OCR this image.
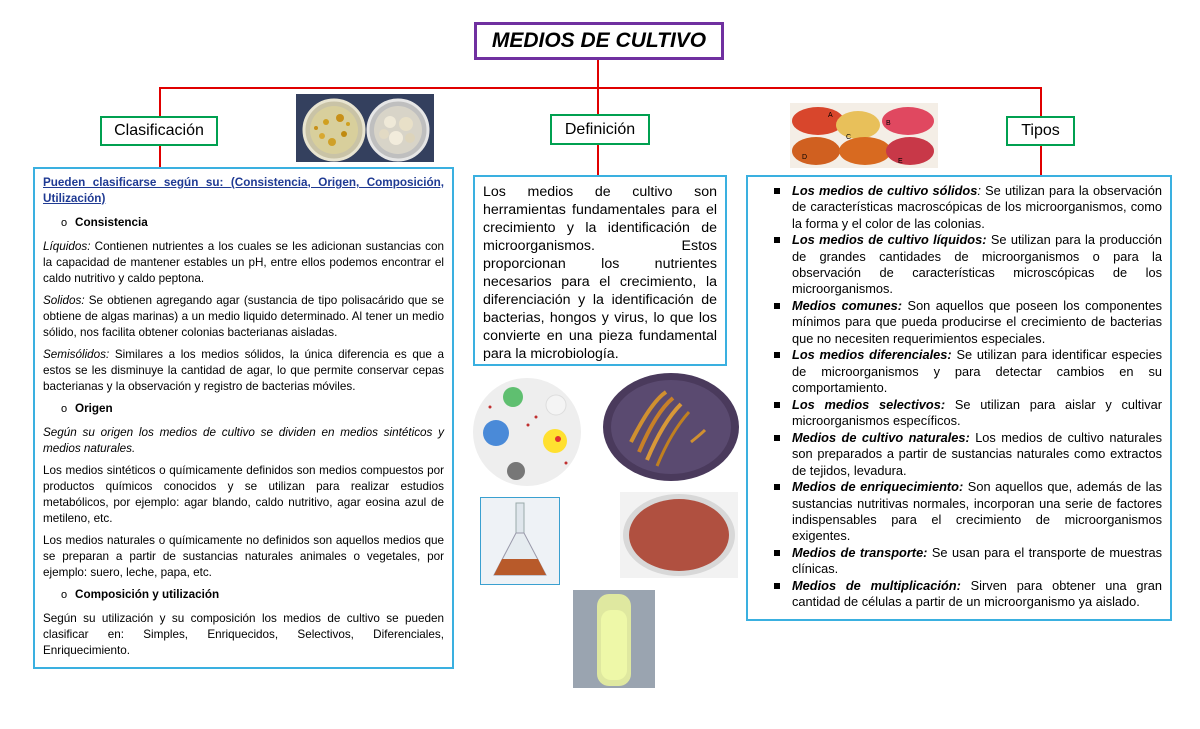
MEDIOS DE CULTIVO
Clasificación	Definición	Tipos
A
B
C
D
E

Pueden clasificarse según su: (Consistencia, Origen, Composición, Utilización)

o Consistencia

Líquidos: Contienen nutrientes a los cuales se les adicionan sustancias con la capacidad de mantener estables un pH, entre ellos podemos encontrar el caldo nutritivo y caldo peptona.

Solidos: Se obtienen agregando agar (sustancia de tipo polisacárido que se obtiene de algas marinas) a un medio liquido determinado. Al tener un medio sólido, nos facilita obtener colonias bacterianas aisladas.

Semisólidos: Similares a los medios sólidos, la única diferencia es que a estos se les disminuye la cantidad de agar, lo que permite conservar cepas bacterianas y la observación y registro de bacterias móviles.

o Origen

Según su origen los medios de cultivo se dividen en medios sintéticos y medios naturales.

Los medios sintéticos o químicamente definidos son medios compuestos por productos químicos conocidos y se utilizan para realizar estudios metabólicos, por ejemplo: agar blando, caldo nutritivo, agar eosina azul de metileno, etc.

Los medios naturales o químicamente no definidos son aquellos medios que se preparan a partir de sustancias naturales animales o vegetales, por ejemplo: suero, leche, papa, etc.

o Composición y utilización

Según su utilización y su composición los medios de cultivo se pueden clasificar en: Simples, Enriquecidos, Selectivos, Diferenciales, Enriquecimiento.

Los medios de cultivo son herramientas fundamentales para el crecimiento y la identificación de microorganismos. Estos proporcionan los nutrientes necesarios para el crecimiento, la diferenciación y la identificación de bacterias, hongos y virus, lo que los convierte en una pieza fundamental para la microbiología.

Los medios de cultivo sólidos: Se utilizan para la observación de características macroscópicas de los microorganismos, como la forma y el color de las colonias.
Los medios de cultivo líquidos: Se utilizan para la producción de grandes cantidades de microorganismos o para la observación de características microscópicas de los microorganismos.
Medios comunes: Son aquellos que poseen los componentes mínimos para que pueda producirse el crecimiento de bacterias que no necesiten requerimientos especiales.
Los medios diferenciales: Se utilizan para identificar especies de microorganismos y para detectar cambios en su comportamiento.
Los medios selectivos: Se utilizan para aislar y cultivar microorganismos específicos.
Medios de cultivo naturales: Los medios de cultivo naturales son preparados a partir de sustancias naturales como extractos de tejidos, levadura.
Medios de enriquecimiento: Son aquellos que, además de las sustancias nutritivas normales, incorporan una serie de factores indispensables para el crecimiento de microorganismos exigentes.
Medios de transporte: Se usan para el transporte de muestras clínicas.
Medios de multiplicación: Sirven para obtener una gran cantidad de células a partir de un microorganismo ya aislado.
